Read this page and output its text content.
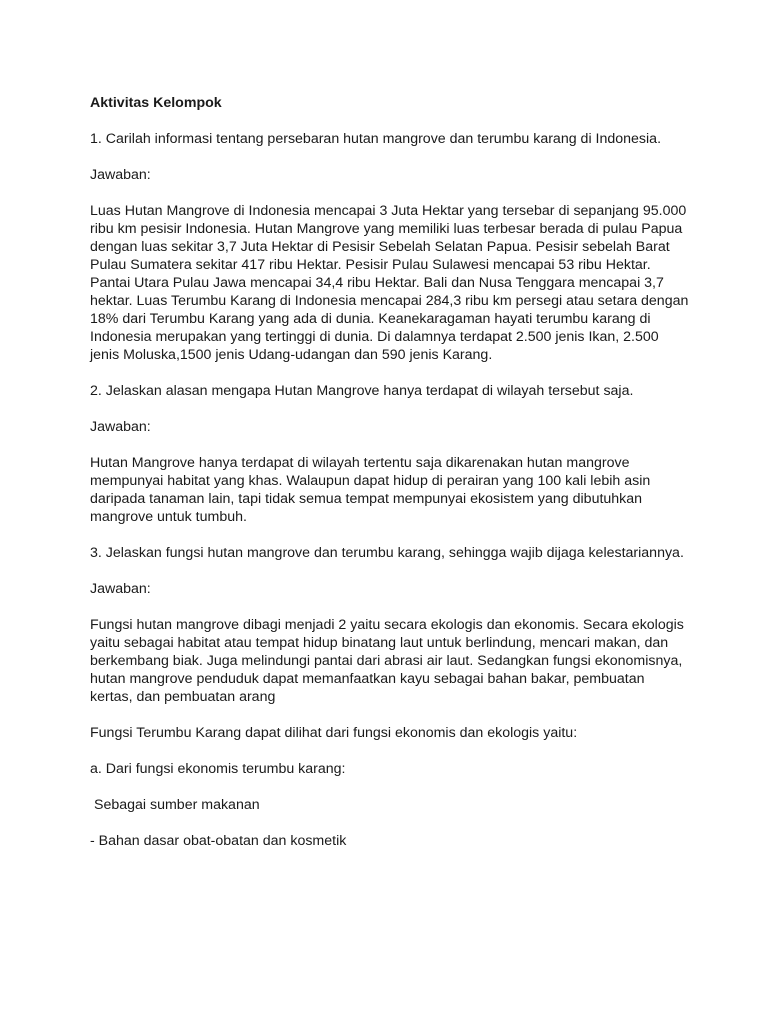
Aktivitas Kelompok

1. Carilah informasi tentang persebaran hutan mangrove dan terumbu karang di Indonesia.

Jawaban:

Luas Hutan Mangrove di Indonesia mencapai 3 Juta Hektar yang tersebar di sepanjang 95.000 ribu km pesisir Indonesia. Hutan Mangrove yang memiliki luas terbesar berada di pulau Papua dengan luas sekitar 3,7 Juta Hektar di Pesisir Sebelah Selatan Papua. Pesisir sebelah Barat Pulau Sumatera sekitar 417 ribu Hektar. Pesisir Pulau Sulawesi mencapai 53 ribu Hektar. Pantai Utara Pulau Jawa mencapai 34,4 ribu Hektar. Bali dan Nusa Tenggara mencapai 3,7 hektar. Luas Terumbu Karang di Indonesia mencapai 284,3 ribu km persegi atau setara dengan 18% dari Terumbu Karang yang ada di dunia. Keanekaragaman hayati terumbu karang di Indonesia merupakan yang tertinggi di dunia. Di dalamnya terdapat 2.500 jenis Ikan, 2.500 jenis Moluska,1500 jenis Udang-udangan dan 590 jenis Karang.

2. Jelaskan alasan mengapa Hutan Mangrove hanya terdapat di wilayah tersebut saja.

Jawaban:

Hutan Mangrove hanya terdapat di wilayah tertentu saja dikarenakan hutan mangrove mempunyai habitat yang khas. Walaupun dapat hidup di perairan yang 100 kali lebih asin daripada tanaman lain, tapi tidak semua tempat mempunyai ekosistem yang dibutuhkan mangrove untuk tumbuh.

3. Jelaskan fungsi hutan mangrove dan terumbu karang, sehingga wajib dijaga kelestariannya.

Jawaban:

Fungsi hutan mangrove dibagi menjadi 2 yaitu secara ekologis dan ekonomis. Secara ekologis yaitu sebagai habitat atau tempat hidup binatang laut untuk berlindung, mencari makan, dan berkembang biak. Juga melindungi pantai dari abrasi air laut. Sedangkan fungsi ekonomisnya, hutan mangrove penduduk dapat memanfaatkan kayu sebagai bahan bakar, pembuatan kertas, dan pembuatan arang

Fungsi Terumbu Karang dapat dilihat dari fungsi ekonomis dan ekologis yaitu:

a. Dari fungsi ekonomis terumbu karang:

Sebagai sumber makanan

- Bahan dasar obat-obatan dan kosmetik
